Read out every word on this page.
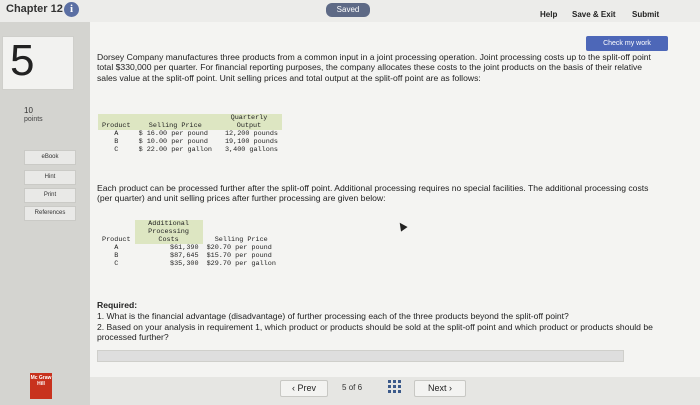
Chapter 12 i	Saved
Help Save & Exit Submit
5
10
points
eBook
Hint
Print
References
Mc Graw Hill
Check my work

Dorsey Company manufactures three products from a common input in a joint processing operation. Joint processing costs up to the split-off point total $330,000 per quarter. For financial reporting purposes, the company allocates these costs to the joint products on the basis of their relative sales value at the split-off point. Unit selling prices and total output at the split-off point are as follows:

Product	Selling Price	Quarterly Output
A	$ 16.00 per pound	12,200 pounds
B	$ 10.00 per pound	19,100 pounds
C	$ 22.00 per gallon	3,400 gallons

Each product can be processed further after the split-off point. Additional processing requires no special facilities. The additional processing costs (per quarter) and unit selling prices after further processing are given below:

Product	Additional Processing Costs	Selling Price
A	$61,390	$20.70 per pound
B	$87,645	$15.70 per pound
C	$35,300	$29.70 per gallon
Required:

1. What is the financial advantage (disadvantage) of further processing each of the three products beyond the split-off point?

2. Based on your analysis in requirement 1, which product or products should be sold at the split-off point and which product or products should be processed further?

‹ Prev	5 of 6	Next ›
